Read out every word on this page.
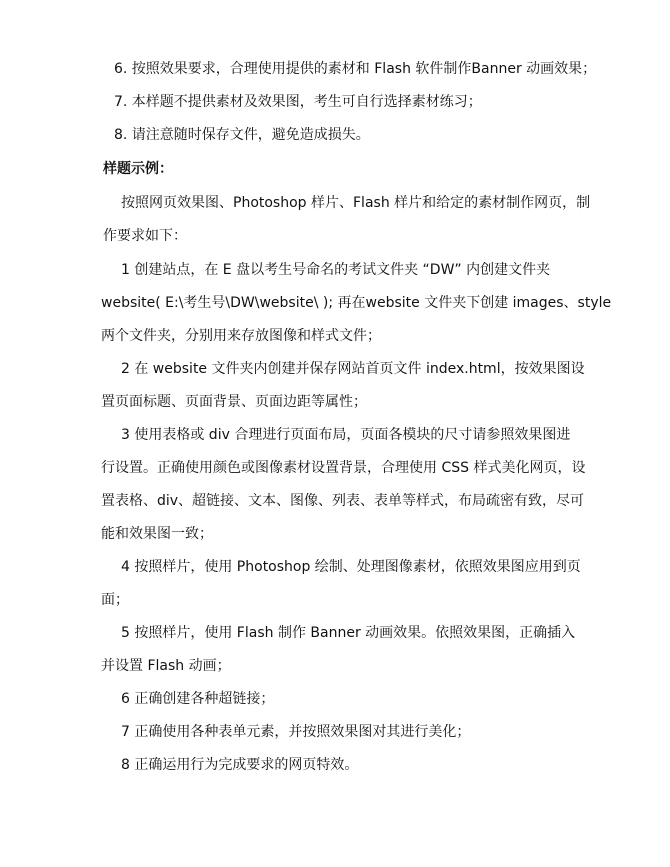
6. 按照效果要求，合理使用提供的素材和 Flash 软件制作Banner 动画效果；
7. 本样题不提供素材及效果图，考生可自行选择素材练习；
8. 请注意随时保存文件，避免造成损失。
样题示例：
按照网页效果图、Photoshop 样片、Flash 样片和给定的素材制作网页，制
作要求如下：
1 创建站点，在 E 盘以考生号命名的考试文件夹 “DW” 内创建文件夹
website( E:\考生号\DW\website\ ); 再在website 文件夹下创建 images、style
两个文件夹，分别用来存放图像和样式文件；
2 在 website 文件夹内创建并保存网站首页文件 index.html，按效果图设
置页面标题、页面背景、页面边距等属性；
3 使用表格或 div 合理进行页面布局，页面各模块的尺寸请参照效果图进
行设置。正确使用颜色或图像素材设置背景，合理使用 CSS 样式美化网页，设
置表格、div、超链接、文本、图像、列表、表单等样式，布局疏密有致，尽可
能和效果图一致；
4 按照样片，使用 Photoshop 绘制、处理图像素材，依照效果图应用到页
面；
5 按照样片，使用 Flash 制作 Banner 动画效果。依照效果图，正确插入
并设置 Flash 动画；
6 正确创建各种超链接；
7 正确使用各种表单元素，并按照效果图对其进行美化；
8 正确运用行为完成要求的网页特效。
